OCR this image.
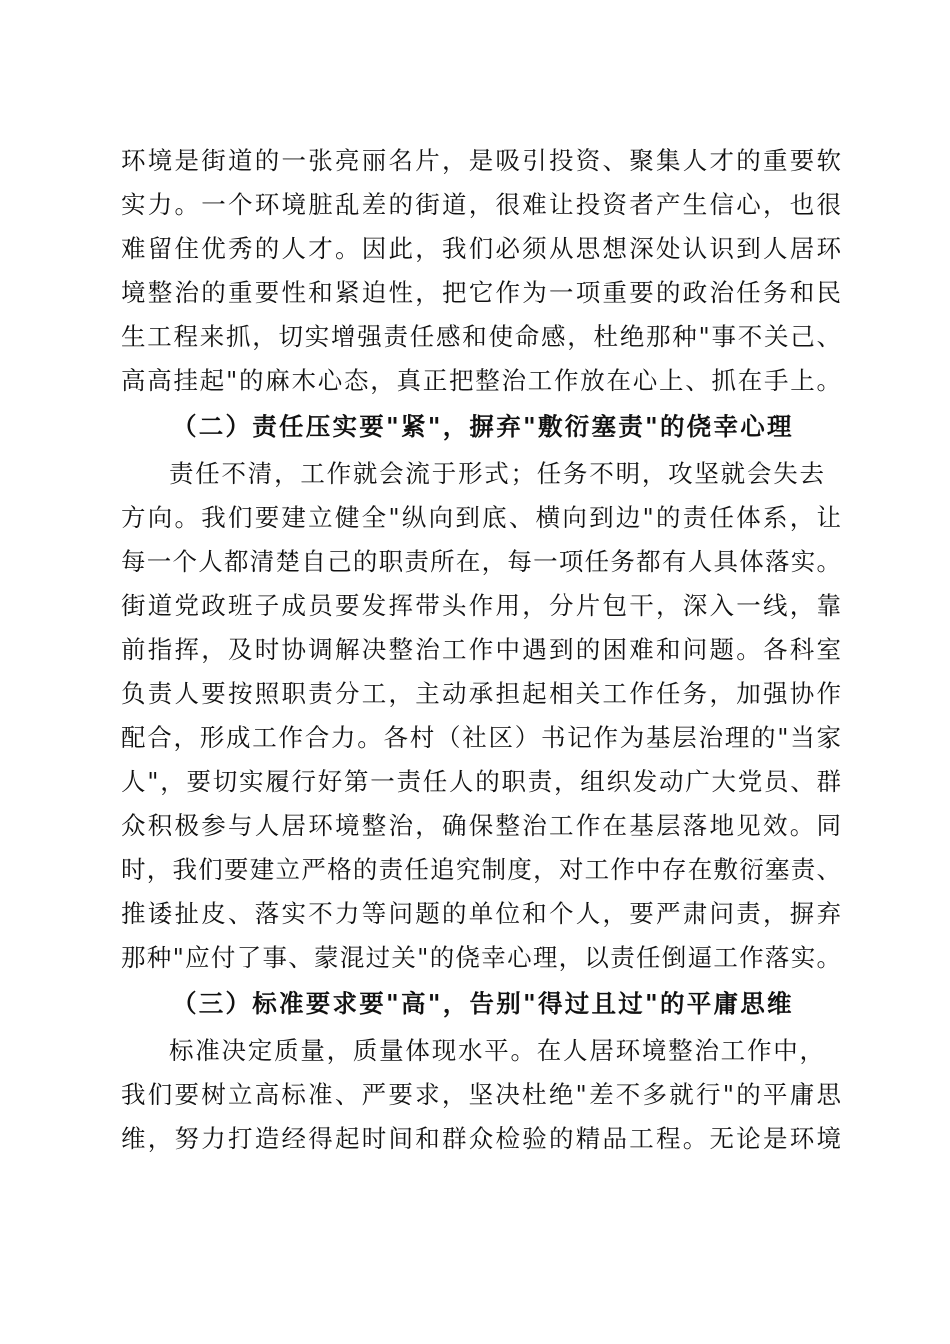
环境是街道的一张亮丽名片，是吸引投资、聚集人才的重要软
实力。一个环境脏乱差的街道，很难让投资者产生信心，也很
难留住优秀的人才。因此，我们必须从思想深处认识到人居环
境整治的重要性和紧迫性，把它作为一项重要的政治任务和民
生工程来抓，切实增强责任感和使命感，杜绝那种"事不关己、
高高挂起"的麻木心态，真正把整治工作放在心上、抓在手上。
（二）责任压实要"紧"，摒弃"敷衍塞责"的侥幸心理
责任不清，工作就会流于形式；任务不明，攻坚就会失去
方向。我们要建立健全"纵向到底、横向到边"的责任体系，让
每一个人都清楚自己的职责所在，每一项任务都有人具体落实。
街道党政班子成员要发挥带头作用，分片包干，深入一线，靠
前指挥，及时协调解决整治工作中遇到的困难和问题。各科室
负责人要按照职责分工，主动承担起相关工作任务，加强协作
配合，形成工作合力。各村（社区）书记作为基层治理的"当家
人"，要切实履行好第一责任人的职责，组织发动广大党员、群
众积极参与人居环境整治，确保整治工作在基层落地见效。同
时，我们要建立严格的责任追究制度，对工作中存在敷衍塞责、
推诿扯皮、落实不力等问题的单位和个人，要严肃问责，摒弃
那种"应付了事、蒙混过关"的侥幸心理，以责任倒逼工作落实。
（三）标准要求要"高"，告别"得过且过"的平庸思维
标准决定质量，质量体现水平。在人居环境整治工作中，
我们要树立高标准、严要求，坚决杜绝"差不多就行"的平庸思
维，努力打造经得起时间和群众检验的精品工程。无论是环境
